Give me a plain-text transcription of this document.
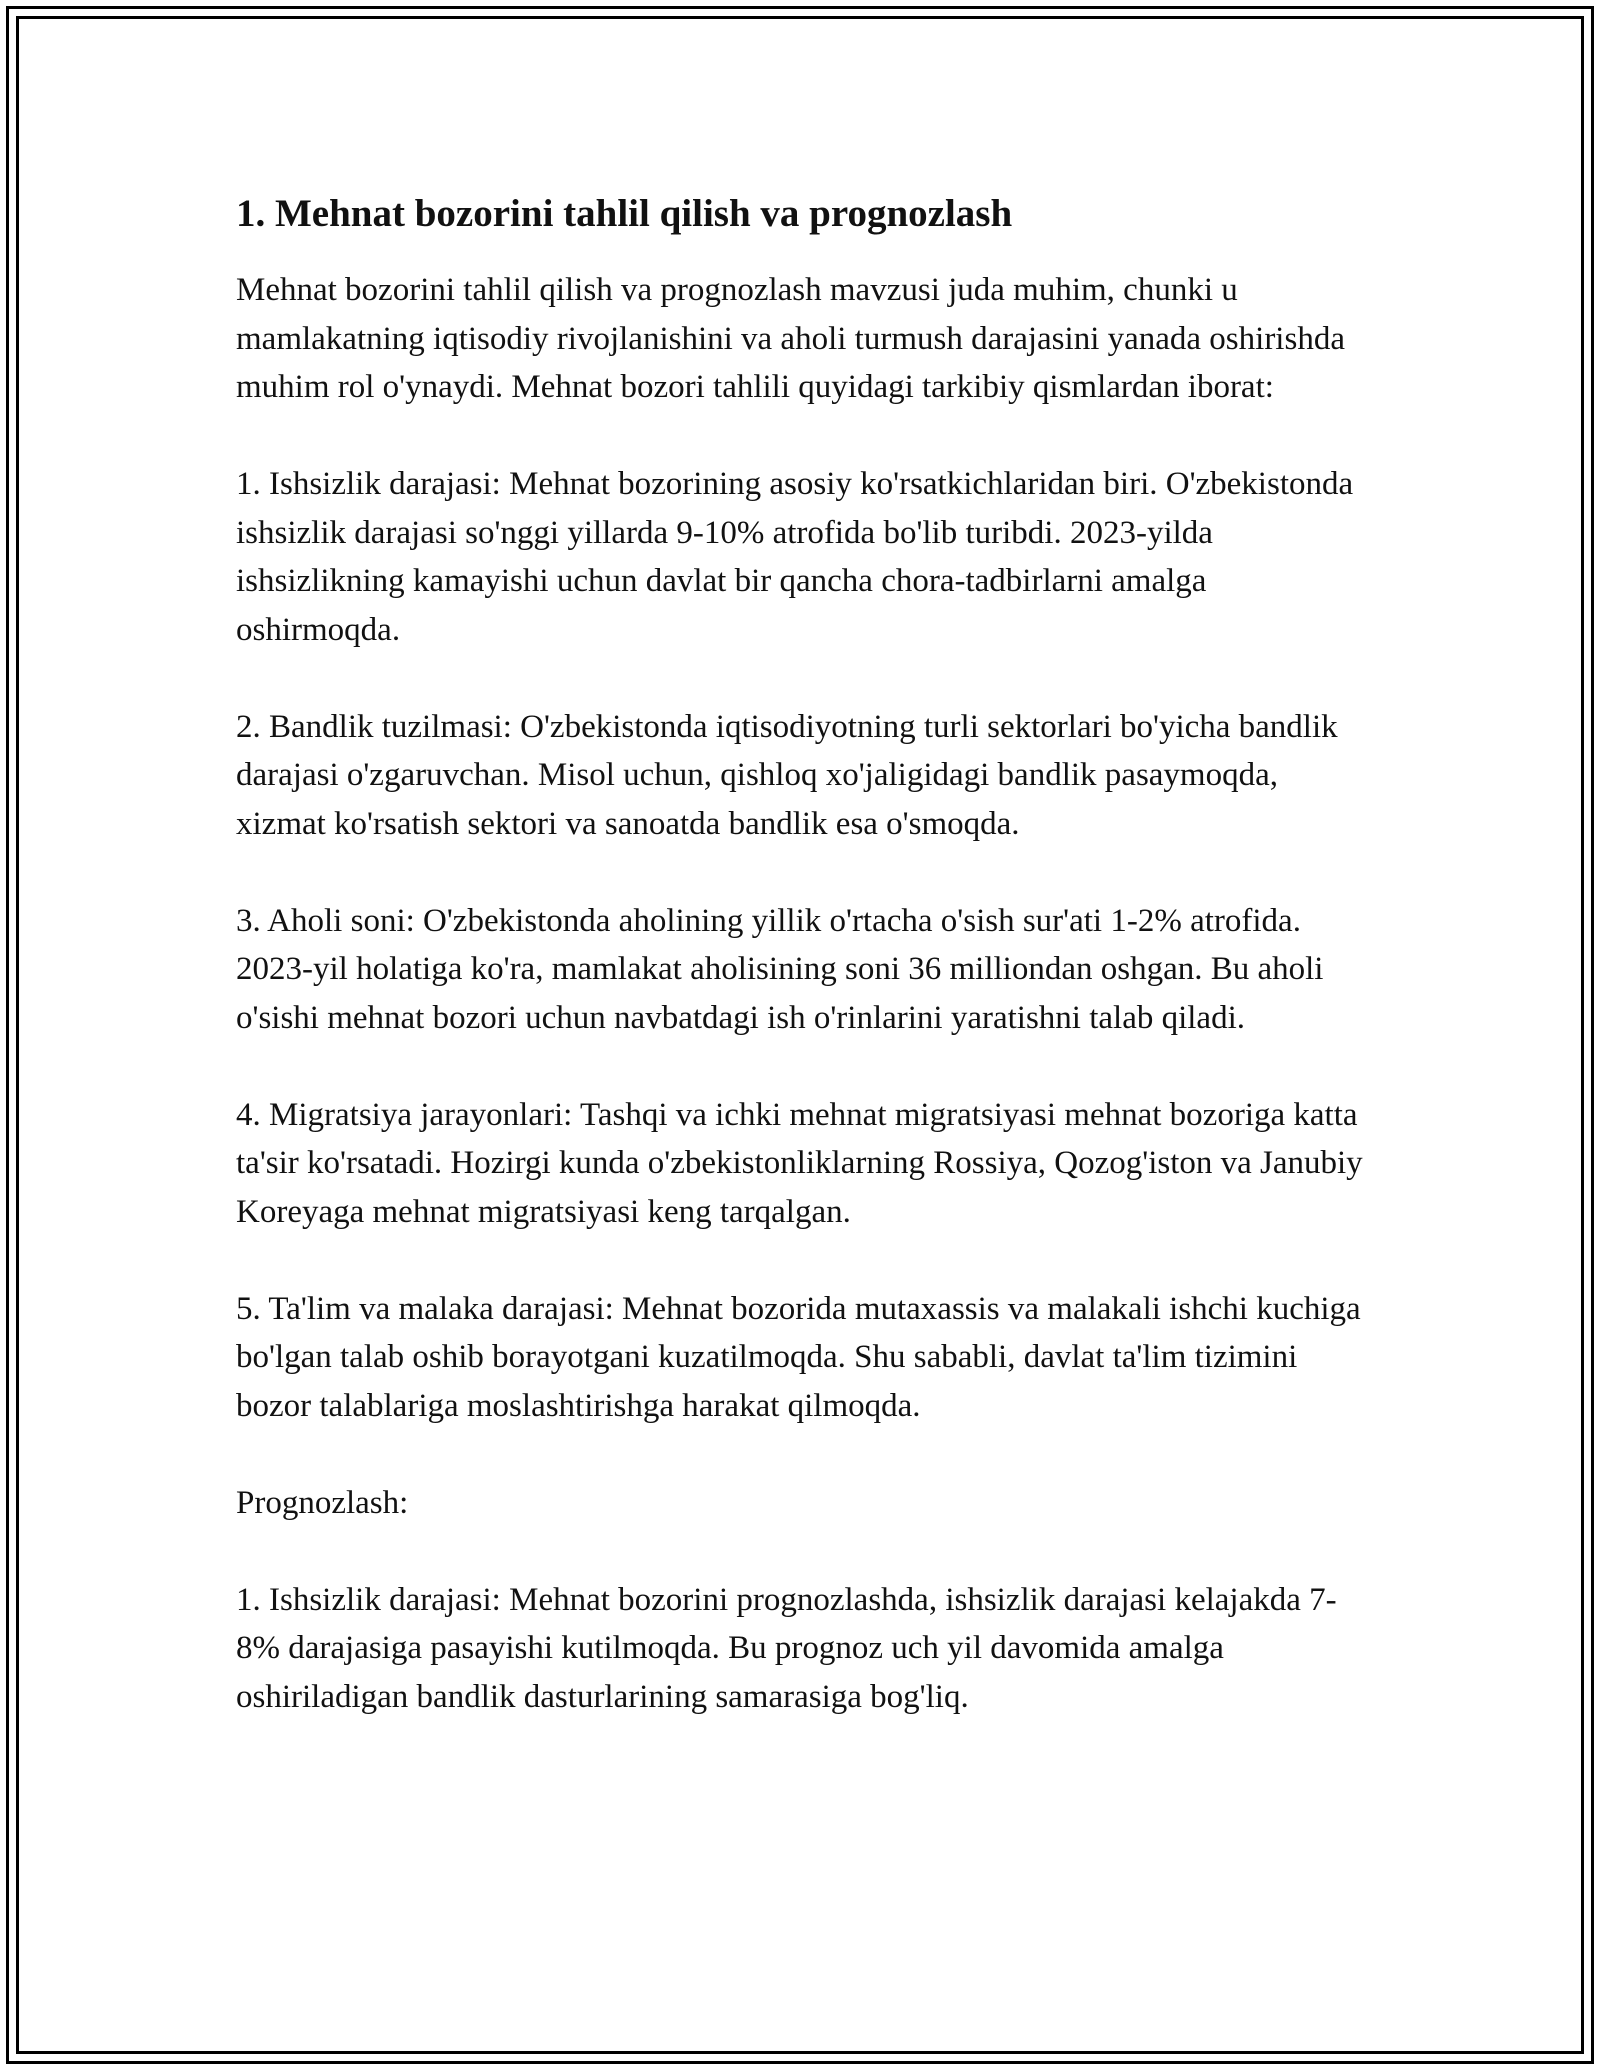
1. Mehnat bozorini tahlil qilish va prognozlash

Mehnat bozorini tahlil qilish va prognozlash mavzusi juda muhim, chunki u mamlakatning iqtisodiy rivojlanishini va aholi turmush darajasini yanada oshirishda muhim rol o'ynaydi. Mehnat bozori tahlili quyidagi tarkibiy qismlardan iborat:

1. Ishsizlik darajasi: Mehnat bozorining asosiy ko'rsatkichlaridan biri. O'zbekistonda ishsizlik darajasi so'nggi yillarda 9-10% atrofida bo'lib turibdi. 2023-yilda ishsizlikning kamayishi uchun davlat bir qancha chora-tadbirlarni amalga oshirmoqda.

2. Bandlik tuzilmasi: O'zbekistonda iqtisodiyotning turli sektorlari bo'yicha bandlik darajasi o'zgaruvchan. Misol uchun, qishloq xo'jaligidagi bandlik pasaymoqda, xizmat ko'rsatish sektori va sanoatda bandlik esa o'smoqda.

3. Aholi soni: O'zbekistonda aholining yillik o'rtacha o'sish sur'ati 1-2% atrofida. 2023-yil holatiga ko'ra, mamlakat aholisining soni 36 milliondan oshgan. Bu aholi o'sishi mehnat bozori uchun navbatdagi ish o'rinlarini yaratishni talab qiladi.

4. Migratsiya jarayonlari: Tashqi va ichki mehnat migratsiyasi mehnat bozoriga katta ta'sir ko'rsatadi. Hozirgi kunda o'zbekistonliklarning Rossiya, Qozog'iston va Janubiy Koreyaga mehnat migratsiyasi keng tarqalgan.

5. Ta'lim va malaka darajasi: Mehnat bozorida mutaxassis va malakali ishchi kuchiga bo'lgan talab oshib borayotgani kuzatilmoqda. Shu sababli, davlat ta'lim tizimini bozor talablariga moslashtirishga harakat qilmoqda.

Prognozlash:

1. Ishsizlik darajasi: Mehnat bozorini prognozlashda, ishsizlik darajasi kelajakda 7-8% darajasiga pasayishi kutilmoqda. Bu prognoz uch yil davomida amalga oshiriladigan bandlik dasturlarining samarasiga bog'liq.
